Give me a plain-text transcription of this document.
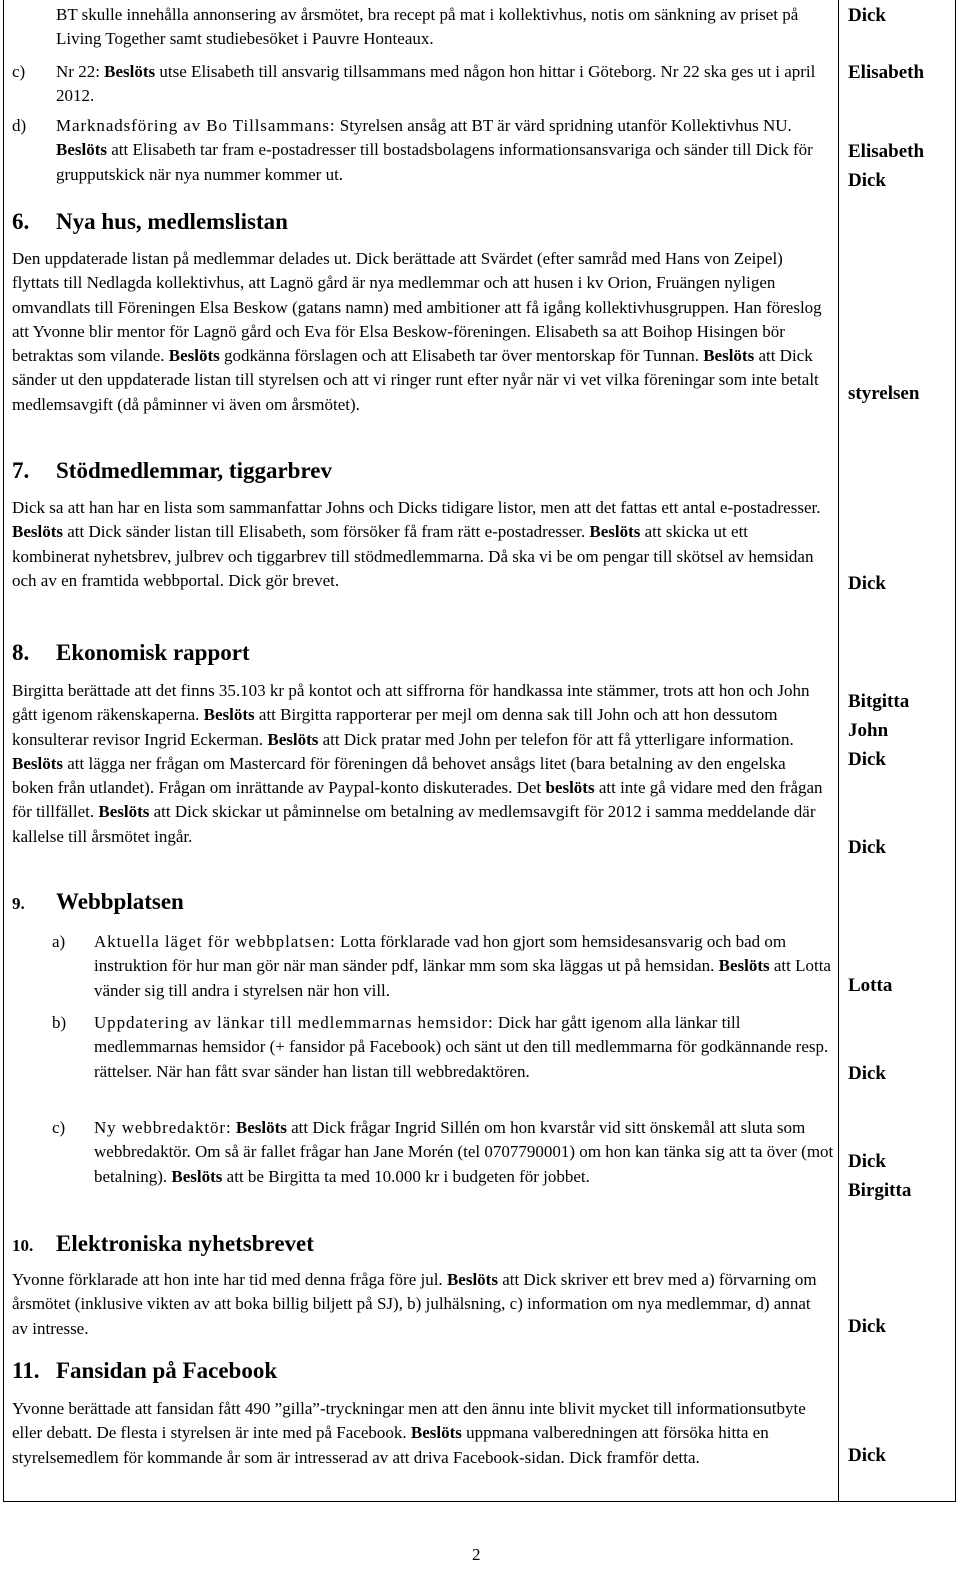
BT skulle innehålla annonsering av årsmötet, bra recept på mat i kollektivhus, notis om sänkning av priset på Living Together samt studiebesöket i Pauvre Honteaux.

c) Nr 22: Beslöts utse Elisabeth till ansvarig tillsammans med någon hon hittar i Göteborg. Nr 22 ska ges ut i april 2012.
d) Marknadsföring av Bo Tillsammans: Styrelsen ansåg att BT är värd spridning utanför Kollektivhus NU. Beslöts att Elisabeth tar fram e-postadresser till bostadsbolagens informationsansvariga och sänder till Dick för grupputskick när nya nummer kommer ut.
6. Nya hus, medlemslistan

Den uppdaterade listan på medlemmar delades ut. Dick berättade att Svärdet (efter samråd med Hans von Zeipel) flyttats till Nedlagda kollektivhus, att Lagnö gård är nya medlemmar och att husen i kv Orion, Fruängen nyligen omvandlats till Föreningen Elsa Beskow (gatans namn) med ambitioner att få igång kollektivhusgruppen. Han föreslog att Yvonne blir mentor för Lagnö gård och Eva för Elsa Beskow-föreningen. Elisabeth sa att Boihop Hisingen bör betraktas som vilande. Beslöts godkänna förslagen och att Elisabeth tar över mentorskap för Tunnan. Beslöts att Dick sänder ut den uppdaterade listan till styrelsen och att vi ringer runt efter nyår när vi vet vilka föreningar som inte betalt medlemsavgift (då påminner vi även om årsmötet).

7. Stödmedlemmar, tiggarbrev

Dick sa att han har en lista som sammanfattar Johns och Dicks tidigare listor, men att det fattas ett antal e-postadresser. Beslöts att Dick sänder listan till Elisabeth, som försöker få fram rätt e-postadresser. Beslöts att skicka ut ett kombinerat nyhetsbrev, julbrev och tiggarbrev till stödmedlemmarna. Då ska vi be om pengar till skötsel av hemsidan och av en framtida webbportal. Dick gör brevet.

8. Ekonomisk rapport

Birgitta berättade att det finns 35.103 kr på kontot och att siffrorna för handkassa inte stämmer, trots att hon och John gått igenom räkenskaperna. Beslöts att Birgitta rapporterar per mejl om denna sak till John och att hon dessutom konsulterar revisor Ingrid Eckerman. Beslöts att Dick pratar med John per telefon för att få ytterligare information. Beslöts att lägga ner frågan om Mastercard för föreningen då behovet ansågs litet (bara betalning av den engelska boken från utlandet). Frågan om inrättande av Paypal-konto diskuterades. Det beslöts att inte gå vidare med den frågan för tillfället. Beslöts att Dick skickar ut påminnelse om betalning av medlemsavgift för 2012 i samma meddelande där kallelse till årsmötet ingår.

9. Webbplatsen
a) Aktuella läget för webbplatsen: Lotta förklarade vad hon gjort som hemsidesansvarig och bad om instruktion för hur man gör när man sänder pdf, länkar mm som ska läggas ut på hemsidan. Beslöts att Lotta vänder sig till andra i styrelsen när hon vill.
b) Uppdatering av länkar till medlemmarnas hemsidor: Dick har gått igenom alla länkar till medlemmarnas hemsidor (+ fansidor på Facebook) och sänt ut den till medlemmarna för godkännande resp. rättelser. När han fått svar sänder han listan till webbredaktören.
c) Ny webbredaktör: Beslöts att Dick frågar Ingrid Sillén om hon kvarstår vid sitt önskemål att sluta som webbredaktör. Om så är fallet frågar han Jane Morén (tel 0707790001) om hon kan tänka sig att ta över (mot betalning). Beslöts att be Birgitta ta med 10.000 kr i budgeten för jobbet.
10. Elektroniska nyhetsbrevet

Yvonne förklarade att hon inte har tid med denna fråga före jul. Beslöts att Dick skriver ett brev med a) förvarning om årsmötet (inklusive vikten av att boka billig biljett på SJ), b) julhälsning, c) information om nya medlemmar, d) annat av intresse.

11. Fansidan på Facebook

Yvonne berättade att fansidan fått 490 ”gilla”-tryckningar men att den ännu inte blivit mycket till informationsutbyte eller debatt. De flesta i styrelsen är inte med på Facebook. Beslöts uppmana valberedningen att försöka hitta en styrelsemedlem för kommande år som är intresserad av att driva Facebook-sidan. Dick framför detta.

Dick
Elisabeth
Elisabeth
Dick
styrelsen
Dick
Bitgitta
John
Dick
Dick
Lotta
Dick
Dick
Birgitta
Dick
Dick
2
